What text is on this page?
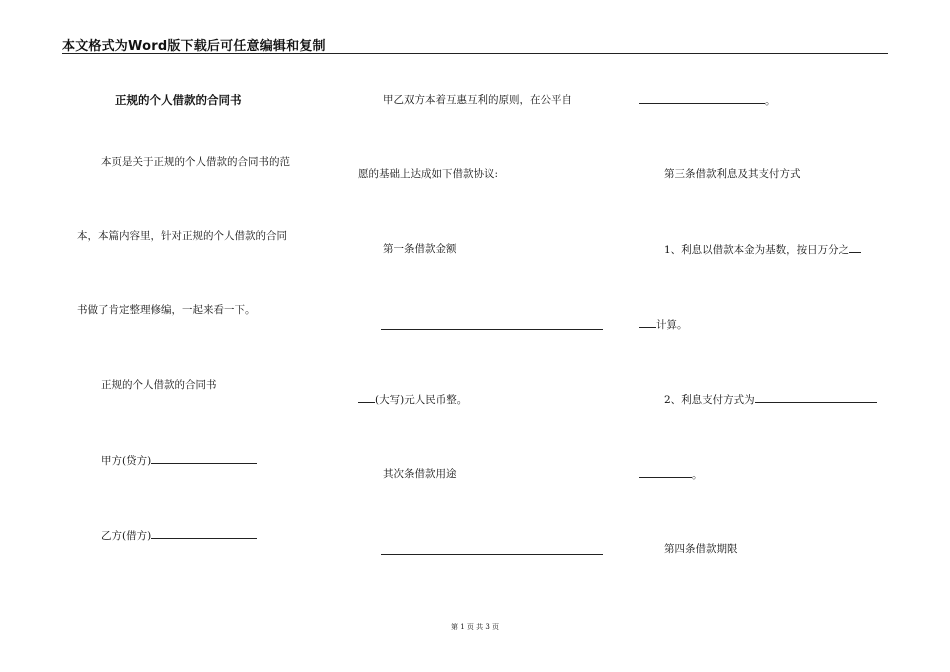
本文格式为Word版下载后可任意编辑和复制
正规的个人借款的合同书
本页是关于正规的个人借款的合同书的范
本，本篇内容里，针对正规的个人借款的合同
书做了肯定整理修编，一起来看一下。
正规的个人借款的合同书
甲方(贷方)
乙方(借方)
甲乙双方本着互惠互利的原则，在公平自
愿的基础上达成如下借款协议:
第一条借款金额
(大写)元人民币整。
其次条借款用途
。
第三条借款利息及其支付方式
1、利息以借款本金为基数，按日万分之
计算。
2、利息支付方式为
。
第四条借款期限
第 1 页 共 3 页
